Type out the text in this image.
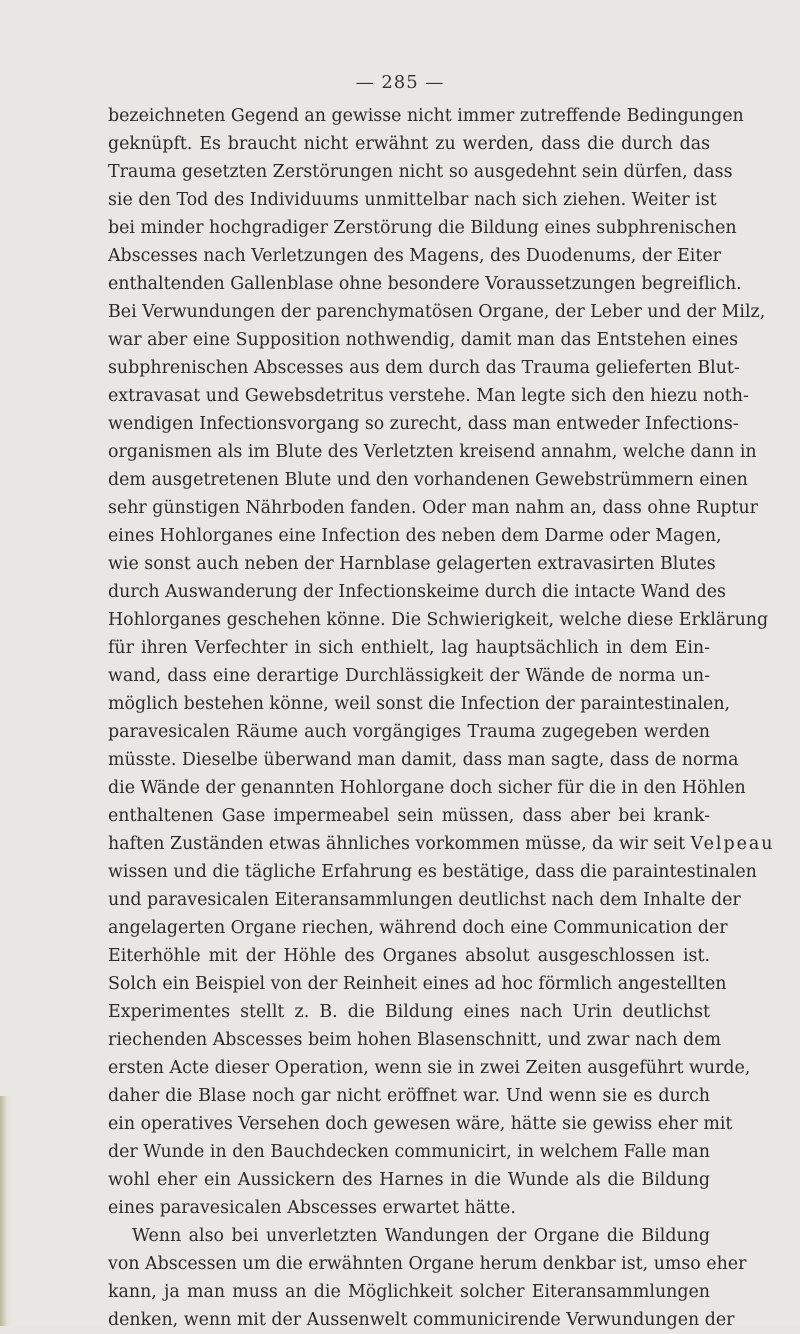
— 285 —
bezeichneten Gegend an gewisse nicht immer zutreffende Bedingungen
geknüpft. Es braucht nicht erwähnt zu werden, dass die durch das
Trauma gesetzten Zerstörungen nicht so ausgedehnt sein dürfen, dass
sie den Tod des Individuums unmittelbar nach sich ziehen. Weiter ist
bei minder hochgradiger Zerstörung die Bildung eines subphrenischen
Abscesses nach Verletzungen des Magens, des Duodenums, der Eiter
enthaltenden Gallenblase ohne besondere Voraussetzungen begreiflich.
Bei Verwundungen der parenchymatösen Organe, der Leber und der Milz,
war aber eine Supposition nothwendig, damit man das Entstehen eines
subphrenischen Abscesses aus dem durch das Trauma gelieferten Blut-
extravasat und Gewebsdetritus verstehe. Man legte sich den hiezu noth-
wendigen Infectionsvorgang so zurecht, dass man entweder Infections-
organismen als im Blute des Verletzten kreisend annahm, welche dann in
dem ausgetretenen Blute und den vorhandenen Gewebstrümmern einen
sehr günstigen Nährboden fanden. Oder man nahm an, dass ohne Ruptur
eines Hohlorganes eine Infection des neben dem Darme oder Magen,
wie sonst auch neben der Harnblase gelagerten extravasirten Blutes
durch Auswanderung der Infectionskeime durch die intacte Wand des
Hohlorganes geschehen könne. Die Schwierigkeit, welche diese Erklärung
für ihren Verfechter in sich enthielt, lag hauptsächlich in dem Ein-
wand, dass eine derartige Durchlässigkeit der Wände de norma un-
möglich bestehen könne, weil sonst die Infection der paraintestinalen,
paravesicalen Räume auch vorgängiges Trauma zugegeben werden
müsste. Dieselbe überwand man damit, dass man sagte, dass de norma
die Wände der genannten Hohlorgane doch sicher für die in den Höhlen
enthaltenen Gase impermeabel sein müssen, dass aber bei krank-
haften Zuständen etwas ähnliches vorkommen müsse, da wir seit Velpeau
wissen und die tägliche Erfahrung es bestätige, dass die paraintestinalen
und paravesicalen Eiteransammlungen deutlichst nach dem Inhalte der
angelagerten Organe riechen, während doch eine Communication der
Eiterhöhle mit der Höhle des Organes absolut ausgeschlossen ist.
Solch ein Beispiel von der Reinheit eines ad hoc förmlich angestellten
Experimentes stellt z. B. die Bildung eines nach Urin deutlichst
riechenden Abscesses beim hohen Blasenschnitt, und zwar nach dem
ersten Acte dieser Operation, wenn sie in zwei Zeiten ausgeführt wurde,
daher die Blase noch gar nicht eröffnet war. Und wenn sie es durch
ein operatives Versehen doch gewesen wäre, hätte sie gewiss eher mit
der Wunde in den Bauchdecken communicirt, in welchem Falle man
wohl eher ein Aussickern des Harnes in die Wunde als die Bildung
eines paravesicalen Abscesses erwartet hätte.
Wenn also bei unverletzten Wandungen der Organe die Bildung
von Abscessen um die erwähnten Organe herum denkbar ist, umso eher
kann, ja man muss an die Möglichkeit solcher Eiteransammlungen
denken, wenn mit der Aussenwelt communicirende Verwundungen der
